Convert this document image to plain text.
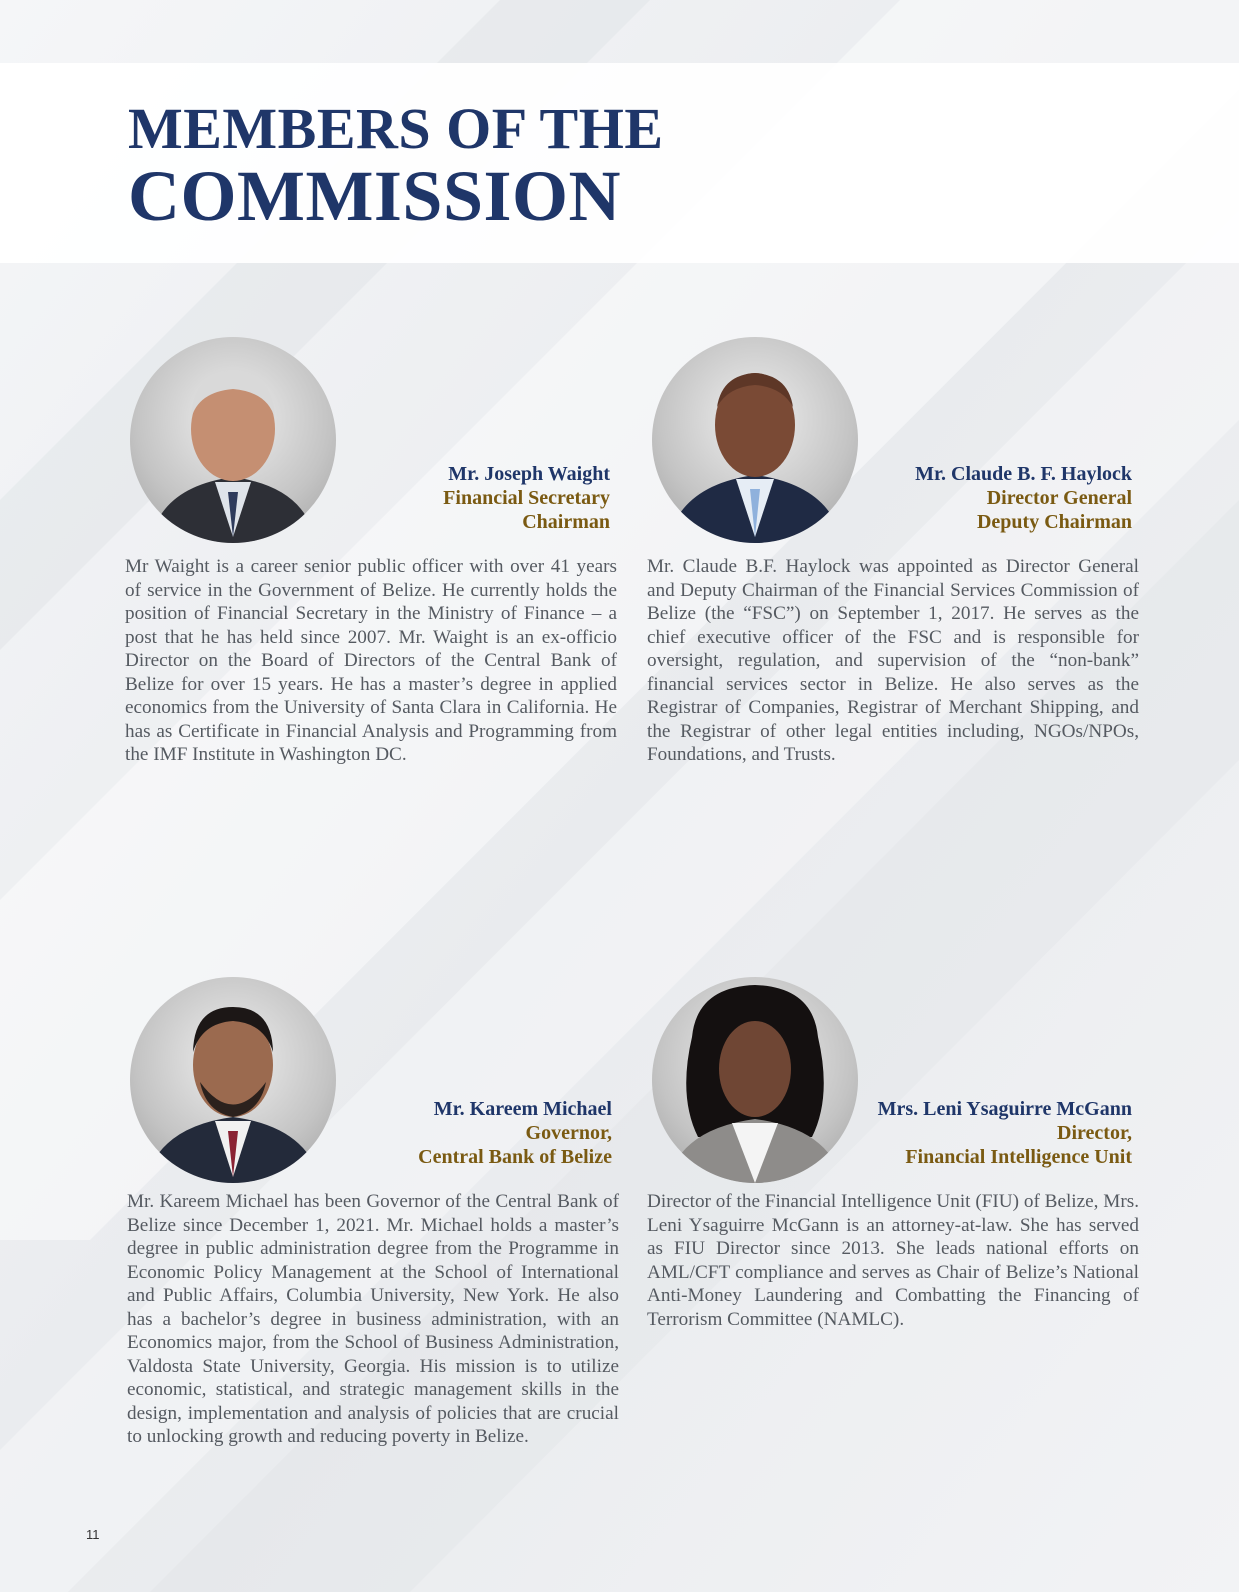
MEMBERS OF THE
COMMISSION
Mr. Joseph Waight
Financial Secretary
Chairman
Mr Waight is a career senior public officer with over 41 years of service in the Government of Belize. He currently holds the position of Financial Secretary in the Ministry of Finance – a post that he has held since 2007. Mr. Waight is an ex-officio Director on the Board of Directors of the Central Bank of Belize for over 15 years. He has a master’s degree in applied economics from the University of Santa Clara in California. He has as Certificate in Financial Analysis and Programming from the IMF Institute in Washington DC.
Mr. Claude B. F. Haylock
Director General
Deputy Chairman
Mr. Claude B.F. Haylock was appointed as Director General and Deputy Chairman of the Financial Services Commission of Belize (the “FSC”) on September 1, 2017. He serves as the chief executive officer of the FSC and is responsible for oversight, regulation, and supervision of the “non-bank” financial services sector in Belize. He also serves as the Registrar of Companies, Registrar of Merchant Shipping, and the Registrar of other legal entities including, NGOs/NPOs, Foundations, and Trusts.
Mr. Kareem Michael
Governor,
Central Bank of Belize
Mr. Kareem Michael has been Governor of the Central Bank of Belize since December 1, 2021. Mr. Michael holds a master’s degree in public administration degree from the Programme in Economic Policy Management at the School of International and Public Affairs, Columbia University, New York. He also has a bachelor’s degree in business administration, with an Economics major, from the School of Business Administration, Valdosta State University, Georgia. His mission is to utilize economic, statistical, and strategic management skills in the design, implementation and analysis of policies that are crucial to unlocking growth and reducing poverty in Belize.
Mrs. Leni Ysaguirre McGann
Director,
Financial Intelligence Unit
Director of the Financial Intelligence Unit (FIU) of Belize, Mrs. Leni Ysaguirre McGann is an attorney-at-law. She has served as FIU Director since 2013. She leads national efforts on AML/CFT compliance and serves as Chair of Belize’s National Anti-Money Laundering and Combatting the Financing of Terrorism Committee (NAMLC).
11
